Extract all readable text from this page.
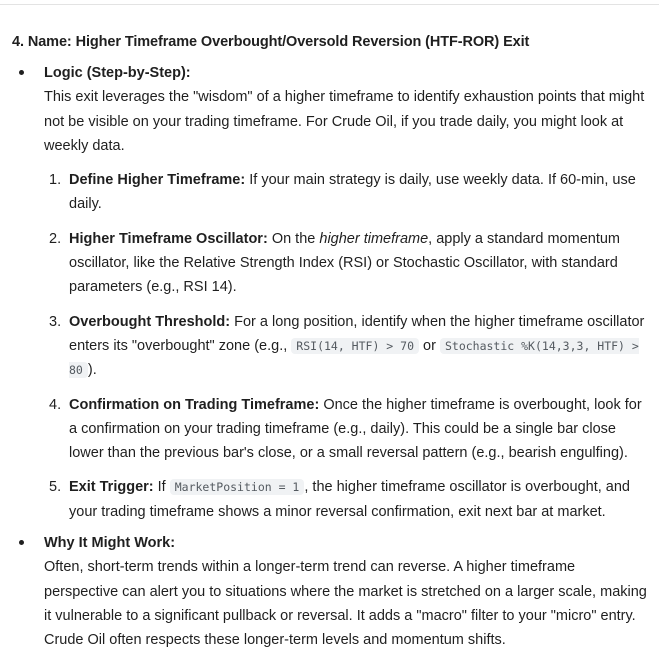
4. Name: Higher Timeframe Overbought/Oversold Reversion (HTF-ROR) Exit
Logic (Step-by-Step):

This exit leverages the "wisdom" of a higher timeframe to identify exhaustion points that might not be visible on your trading timeframe. For Crude Oil, if you trade daily, you might look at weekly data.

1. Define Higher Timeframe: If your main strategy is daily, use weekly data. If 60-min, use daily.
2. Higher Timeframe Oscillator: On the higher timeframe, apply a standard momentum oscillator, like the Relative Strength Index (RSI) or Stochastic Oscillator, with standard parameters (e.g., RSI 14).
3. Overbought Threshold: For a long position, identify when the higher timeframe oscillator enters its "overbought" zone (e.g., RSI(14, HTF) > 70 or Stochastic %K(14,3,3, HTF) > 80 ).
4. Confirmation on Trading Timeframe: Once the higher timeframe is overbought, look for a confirmation on your trading timeframe (e.g., daily). This could be a single bar close lower than the previous bar's close, or a small reversal pattern (e.g., bearish engulfing).
5. Exit Trigger: If MarketPosition = 1 , the higher timeframe oscillator is overbought, and your trading timeframe shows a minor reversal confirmation, exit next bar at market.
Why It Might Work:

Often, short-term trends within a longer-term trend can reverse. A higher timeframe perspective can alert you to situations where the market is stretched on a larger scale, making it vulnerable to a significant pullback or reversal. It adds a "macro" filter to your "micro" entry. Crude Oil often respects these longer-term levels and momentum shifts.
